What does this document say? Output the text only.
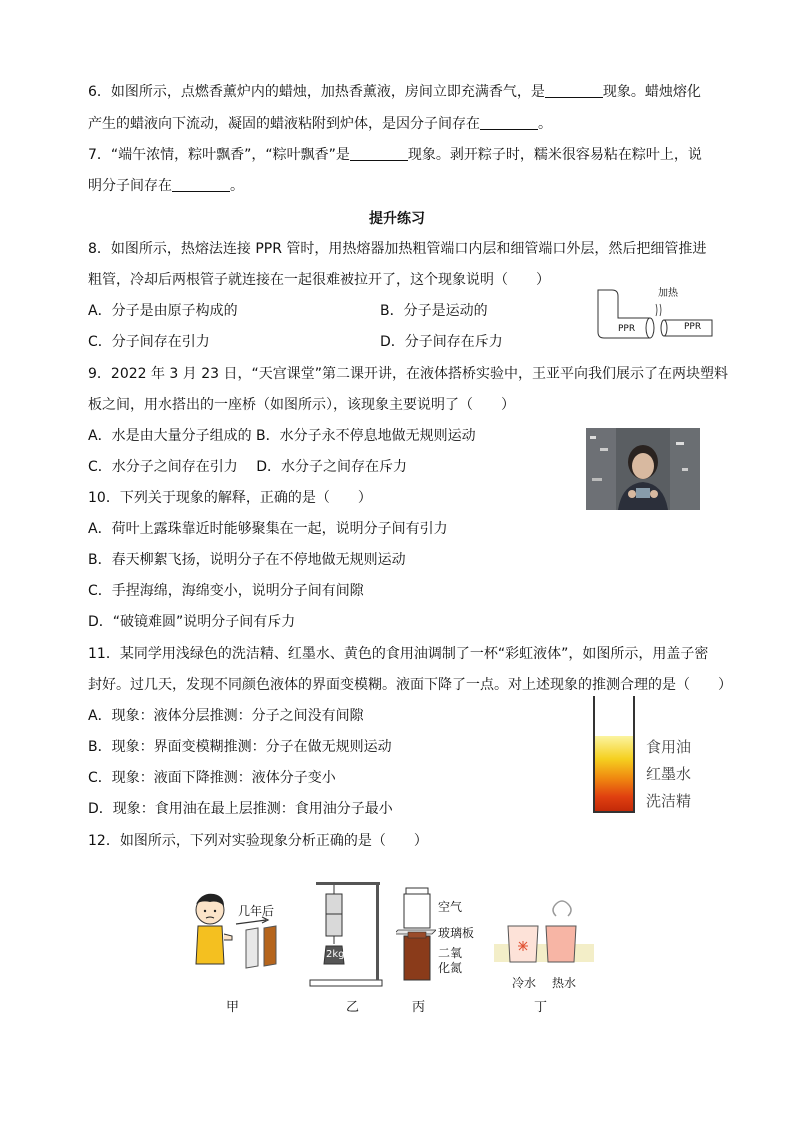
6．如图所示，点燃香薰炉内的蜡烛，加热香薰液，房间立即充满香气，是	现象。蜡烛熔化
产生的蜡液向下流动，凝固的蜡液粘附到炉体，是因分子间存在	。
7．“端午浓情，粽叶飘香”，“粽叶飘香”是	现象。剥开粽子时，糯米很容易粘在粽叶上，说
明分子间存在	。
提升练习
8．如图所示，热熔法连接 PPR 管时，用热熔器加热粗管端口内层和细管端口外层，然后把细管推进
粗管，冷却后两根管子就连接在一起很难被拉开了，这个现象说明（　　）
A．分子是由原子构成的	B．分子是运动的
C．分子间存在引力	D．分子间存在斥力
加热
PPR	PPR
9．2022 年 3 月 23 日，“天宫课堂”第二课开讲，在液体搭桥实验中，王亚平向我们展示了在两块塑料
板之间，用水搭出的一座桥（如图所示），该现象主要说明了（　　）
A．水是由大量分子组成的 B．水分子永不停息地做无规则运动
C．水分子之间存在引力　 D．水分子之间存在斥力
10．下列关于现象的解释，正确的是（　　）
A．荷叶上露珠靠近时能够聚集在一起，说明分子间有引力
B．春天柳絮飞扬，说明分子在不停地做无规则运动
C．手捏海绵，海绵变小，说明分子间有间隙
D．“破镜难圆”说明分子间有斥力
11．某同学用浅绿色的洗洁精、红墨水、黄色的食用油调制了一杯“彩虹液体”，如图所示，用盖子密
封好。过几天，发现不同颜色液体的界面变模糊。液面下降了一点。对上述现象的推测合理的是（　　）
A．现象：液体分层推测：分子之间没有间隙
B．现象：界面变模糊推测：分子在做无规则运动
C．现象：液面下降推测：液体分子变小
D．现象：食用油在最上层推测：食用油分子最小
食用油
红墨水
洗洁精
12．如图所示，下列对实验现象分析正确的是（　　）
几年后
甲
2kg
乙
空气
玻璃板
二氧
化氮
丙
冷水 热水
丁
